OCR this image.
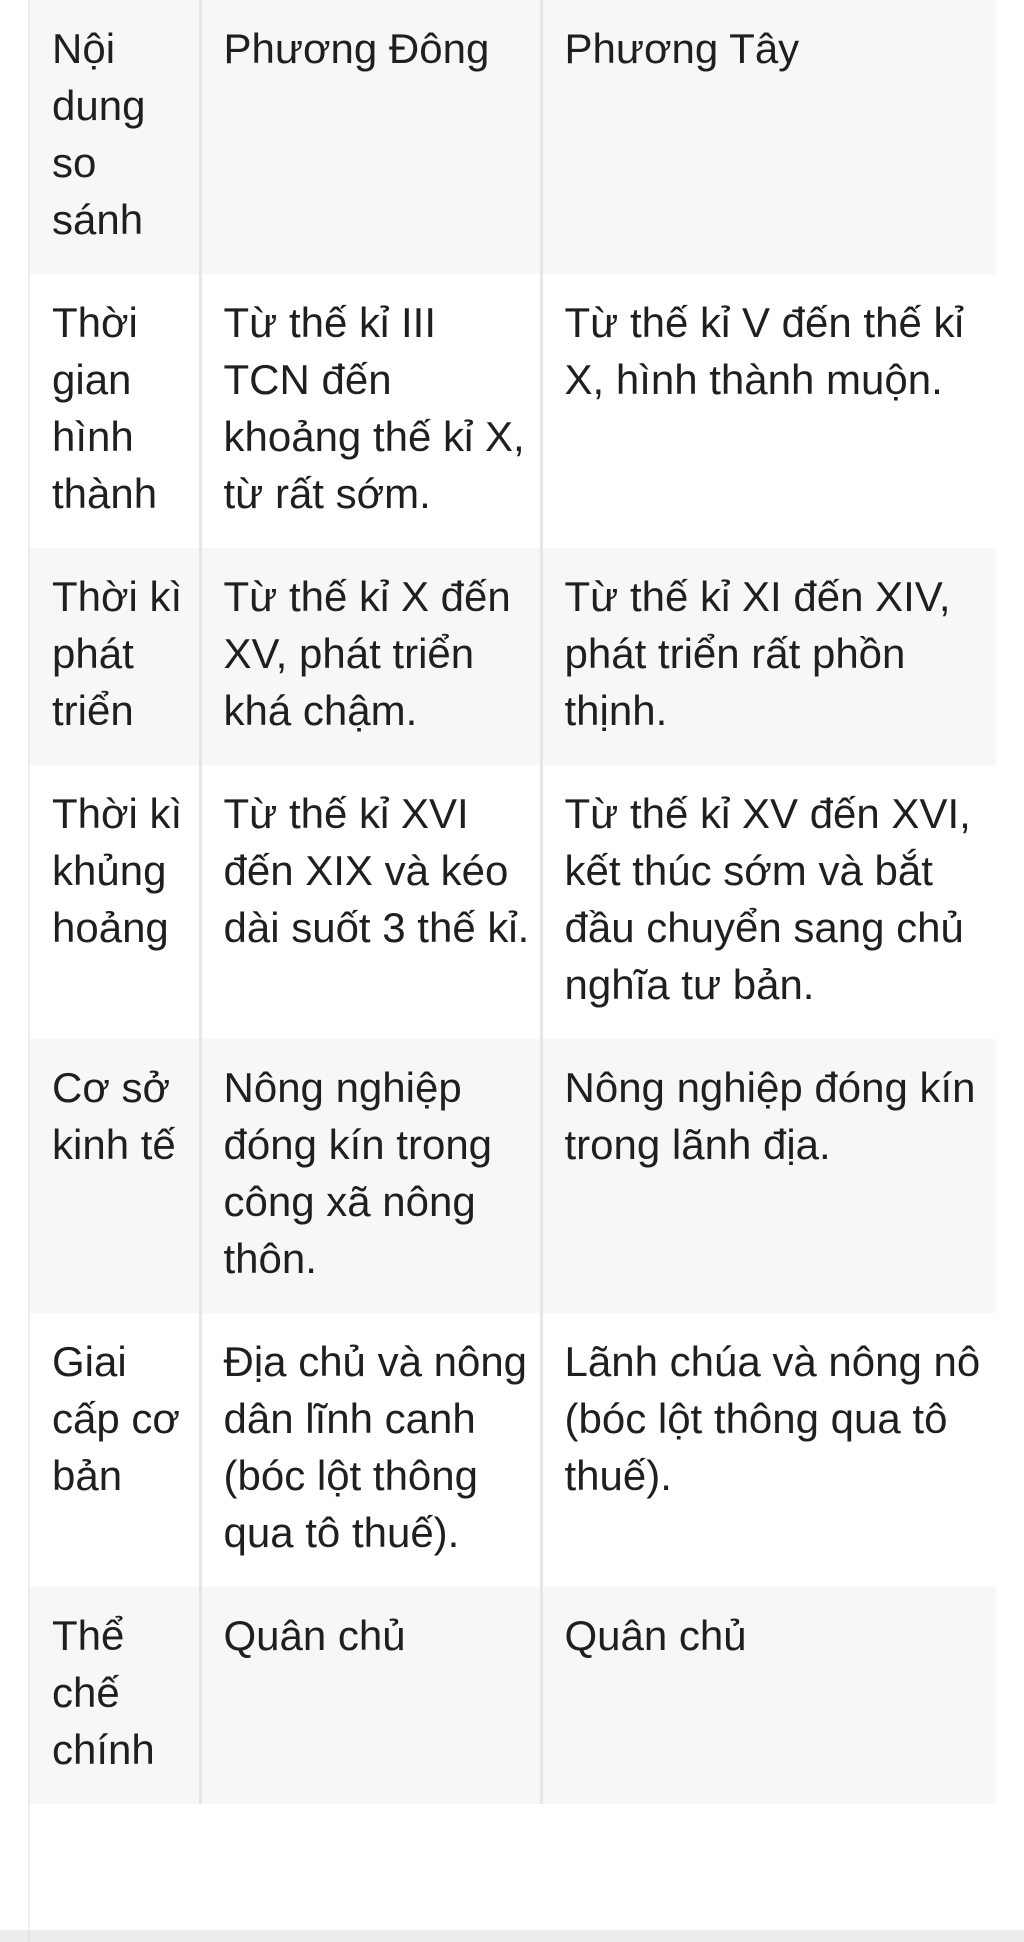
Nội dung so sánh	Phương Đông	Phương Tây
Thời gian hình thành	Từ thế kỉ III TCN đến khoảng thế kỉ X, từ rất sớm.	Từ thế kỉ V đến thế kỉ X, hình thành muộn.
Thời kì phát triển	Từ thế kỉ X đến XV, phát triển khá chậm.	Từ thế kỉ XI đến XIV, phát triển rất phồn thịnh.
Thời kì khủng hoảng	Từ thế kỉ XVI đến XIX và kéo dài suốt 3 thế kỉ.	Từ thế kỉ XV đến XVI, kết thúc sớm và bắt đầu chuyển sang chủ nghĩa tư bản.
Cơ sở kinh tế	Nông nghiệp đóng kín trong công xã nông thôn.	Nông nghiệp đóng kín trong lãnh địa.
Giai cấp cơ bản	Địa chủ và nông dân lĩnh canh (bóc lột thông qua tô thuế).	Lãnh chúa và nông nô (bóc lột thông qua tô thuế).
Thể chế chính	Quân chủ	Quân chủ
